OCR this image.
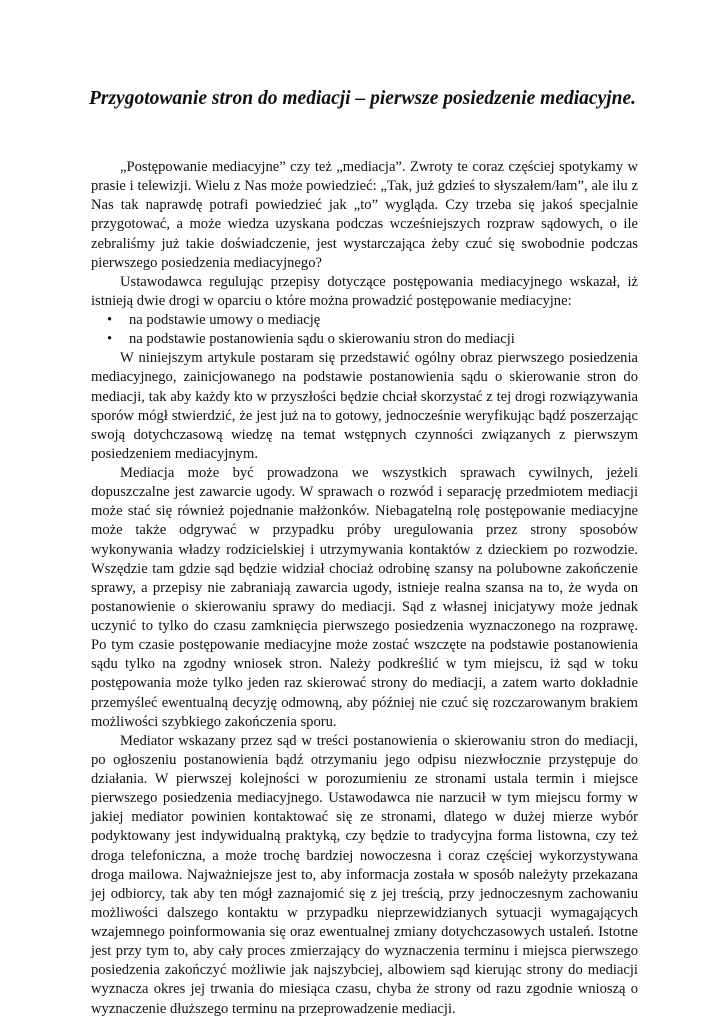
Przygotowanie stron do mediacji – pierwsze posiedzenie mediacyjne.

„Postępowanie mediacyjne” czy też „mediacja”. Zwroty te coraz częściej spotykamy w prasie i telewizji. Wielu z Nas może powiedzieć: „Tak, już gdzieś to słyszałem/łam”, ale ilu z Nas tak naprawdę potrafi powiedzieć jak „to” wygląda. Czy trzeba się jakoś specjalnie przygotować, a może wiedza uzyskana podczas wcześniejszych rozpraw sądowych, o ile zebraliśmy już takie doświadczenie, jest wystarczająca żeby czuć się swobodnie podczas pierwszego posiedzenia mediacyjnego?

Ustawodawca regulując przepisy dotyczące postępowania mediacyjnego wskazał, iż istnieją dwie drogi w oparciu o które można prowadzić postępowanie mediacyjne:

• na podstawie umowy o mediację
• na podstawie postanowienia sądu o skierowaniu stron do mediacji

W niniejszym artykule postaram się przedstawić ogólny obraz pierwszego posiedzenia mediacyjnego, zainicjowanego na podstawie postanowienia sądu o skierowanie stron do mediacji, tak aby każdy kto w przyszłości będzie chciał skorzystać z tej drogi rozwiązywania sporów mógł stwierdzić, że jest już na to gotowy, jednocześnie weryfikując bądź poszerzając swoją dotychczasową wiedzę na temat wstępnych czynności związanych z pierwszym posiedzeniem mediacyjnym.

Mediacja może być prowadzona we wszystkich sprawach cywilnych, jeżeli dopuszczalne jest zawarcie ugody. W sprawach o rozwód i separację przedmiotem mediacji może stać się również pojednanie małżonków. Niebagatelną rolę postępowanie mediacyjne może także odgrywać w przypadku próby uregulowania przez strony sposobów wykonywania władzy rodzicielskiej i utrzymywania kontaktów z dzieckiem po rozwodzie. Wszędzie tam gdzie sąd będzie widział chociaż odrobinę szansy na polubowne zakończenie sprawy, a przepisy nie zabraniają zawarcia ugody, istnieje realna szansa na to, że wyda on postanowienie o skierowaniu sprawy do mediacji. Sąd z własnej inicjatywy może jednak uczynić to tylko do czasu zamknięcia pierwszego posiedzenia wyznaczonego na rozprawę. Po tym czasie postępowanie mediacyjne może zostać wszczęte na podstawie postanowienia sądu tylko na zgodny wniosek stron. Należy podkreślić w tym miejscu, iż sąd w toku postępowania może tylko jeden raz skierować strony do mediacji, a zatem warto dokładnie przemyśleć ewentualną decyzję odmowną, aby później nie czuć się rozczarowanym brakiem możliwości szybkiego zakończenia sporu.

Mediator wskazany przez sąd w treści postanowienia o skierowaniu stron do mediacji, po ogłoszeniu postanowienia bądź otrzymaniu jego odpisu niezwłocznie przystępuje do działania. W pierwszej kolejności w porozumieniu ze stronami ustala termin i miejsce pierwszego posiedzenia mediacyjnego. Ustawodawca nie narzucił w tym miejscu formy w jakiej mediator powinien kontaktować się ze stronami, dlatego w dużej mierze wybór podyktowany jest indywidualną praktyką, czy będzie to tradycyjna forma listowna, czy też droga telefoniczna, a może trochę bardziej nowoczesna i coraz częściej wykorzystywana droga mailowa. Najważniejsze jest to, aby informacja została w sposób należyty przekazana jej odbiorcy, tak aby ten mógł zaznajomić się z jej treścią, przy jednoczesnym zachowaniu możliwości dalszego kontaktu w przypadku nieprzewidzianych sytuacji wymagających wzajemnego poinformowania się oraz ewentualnej zmiany dotychczasowych ustaleń. Istotne jest przy tym to, aby cały proces zmierzający do wyznaczenia terminu i miejsca pierwszego posiedzenia zakończyć możliwie jak najszybciej, albowiem sąd kierując strony do mediacji wyznacza okres jej trwania do miesiąca czasu, chyba że strony od razu zgodnie wnioszą o wyznaczenie dłuższego terminu na przeprowadzenie mediacji.
